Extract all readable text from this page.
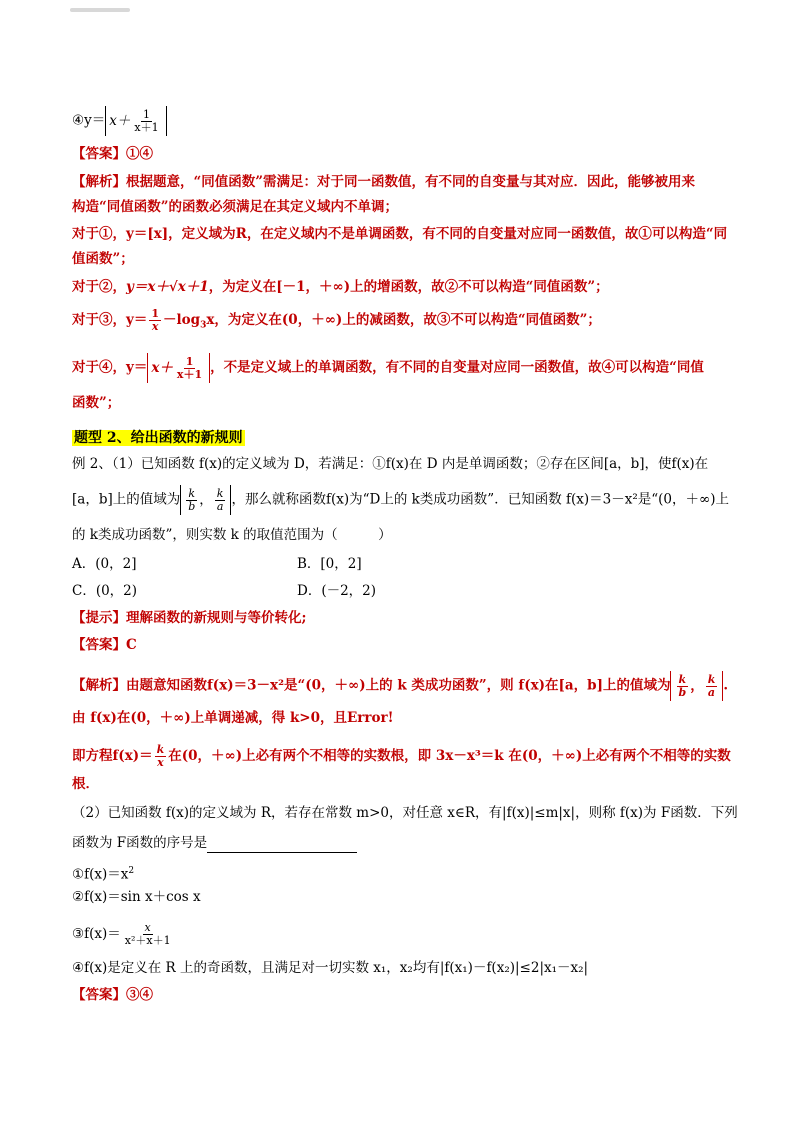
④y＝ $x+ \frac{1}{x+1}$
【答案】①④
【解析】根据题意，“同值函数”需满足：对于同一函数值，有不同的自变量与其对应．因此，能够被用来
构造“同值函数”的函数必须满足在其定义域内不单调；
对于①，y＝[x]，定义域为R，在定义域内不是单调函数，有不同的自变量对应同一函数值，故①可以构造“同
值函数”；
对于②，y＝x＋√x＋1，为定义在[－1，＋∞)上的增函数，故②不可以构造“同值函数”；
对于③，$y= \frac{1}{x} -\log_3x$，为定义在(0，＋∞)上的减函数，故③不可以构造“同值函数”；
对于④，$y= x+ \frac{1}{x+1}$ ，不是定义域上的单调函数，有不同的自变量对应同一函数值，故④可以构造“同值
函数”；
题型 2、给出函数的新规则
例 2、（1）已知函数 f(x)的定义域为 D，若满足：①f(x)在 D 内是单调函数；②存在区间[a，b]，使f(x)在
[a，b]上的值域为 $\frac{k}{b}$ ， $\frac{k}{a}$ ，那么就称函数f(x)为“D上的 k类成功函数”．已知函数 f(x)＝3－x²是“(0，＋∞)上
的 k类成功函数”，则实数 k 的取值范围为（　　　）
A．(0，2]	B．[0，2]
C．(0，2)	D．(－2，2)
【提示】理解函数的新规则与等价转化;
【答案】C
【解析】由题意知函数f(x)＝3－x²是“(0，＋∞)上的 k 类成功函数”，则 f(x)在[a，b]上的值域为 $\frac{k}{b}$ ， $\frac{k}{a}$ .
由 f(x)在(0，＋∞)上单调递减，得 k>0，且Error!
即方程$f(x)= \frac{k}{x}$ 在(0，＋∞)上必有两个不相等的实数根，即 3x－x³＝k 在(0，＋∞)上必有两个不相等的实数
根．
（2）已知函数 f(x)的定义域为 R，若存在常数 m>0，对任意 x∈R，有|f(x)|≤m|x|，则称 f(x)为 F函数．下列
函数为 F函数的序号是
$①f(x)=x^2$
②f(x)＝sin x＋cos x
③f(x)＝ $\frac{x}{\text{x²＋x＋1}}$
④f(x)是定义在 R 上的奇函数，且满足对一切实数 x₁，x₂均有|f(x₁)－f(x₂)|≤2|x₁－x₂|
【答案】③④
